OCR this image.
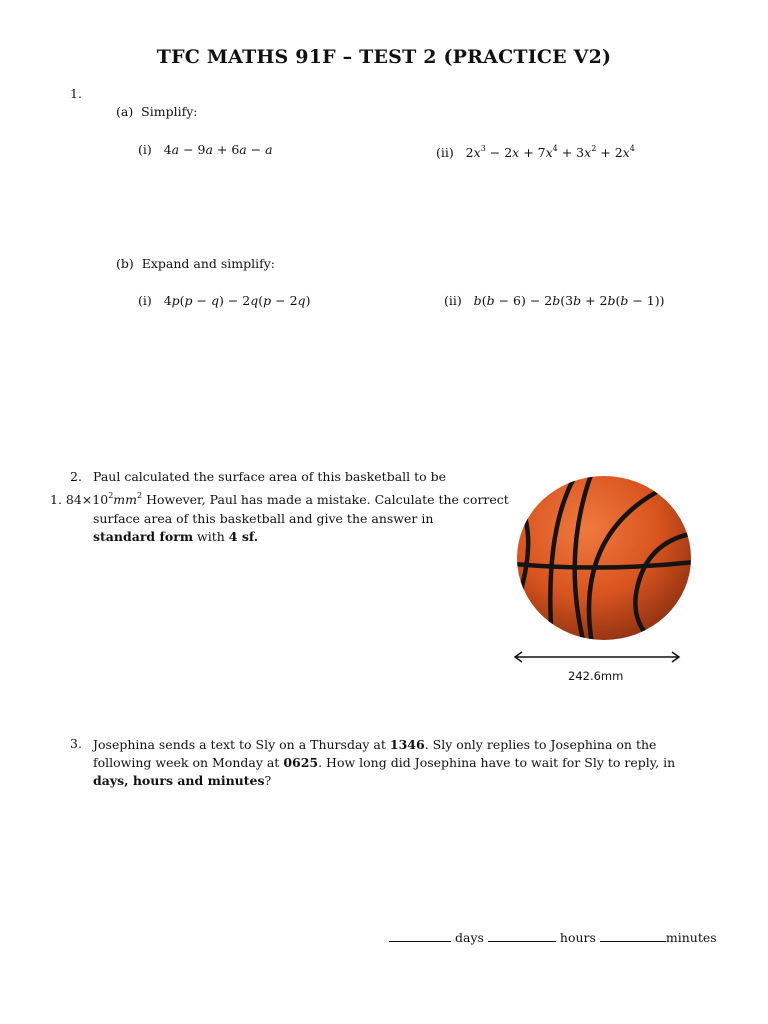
TFC MATHS 91F – TEST 2 (PRACTICE V2)
1.
(a) Simplify:
(i) 4a − 9a + 6a − a	(ii) $2x^3 - 2x + 7x^4 + 3x^2 + 2x^4$
(b) Expand and simplify:
(i) 4p(p − q) − 2q(p − 2q)	(ii) b(b − 6) − 2b(3b + 2b(b − 1))
2. Paul calculated the surface area of this basketball to be
1. $84\times 10^2mm^2$ However, Paul has made a mistake. Calculate the correct
surface area of this basketball and give the answer in standard form with 4 sf.
242.6mm
3. Josephina sends a text to Sly on a Thursday at 1346. Sly only replies to Josephina on the following week on Monday at 0625. How long did Josephina have to wait for Sly to reply, in days, hours and minutes?
days	hours	minutes
